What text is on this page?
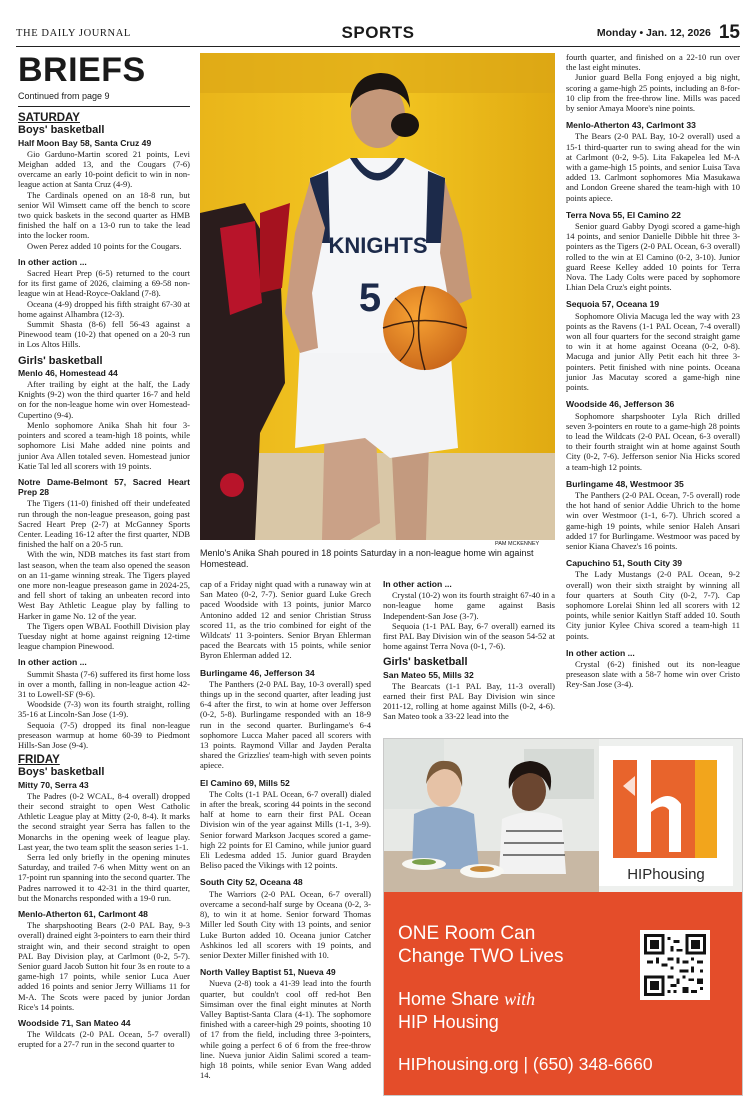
THE DAILY JOURNAL	SPORTS	Monday • Jan. 12, 2026 15
BRIEFS
Continued from page 9
SATURDAY
Boys' basketball
Half Moon Bay 58, Santa Cruz 49

Gio Garduno-Martin scored 21 points, Levi Meighan added 13, and the Cougars (7-6) overcame an early 10-point deficit to win in non-league action at Santa Cruz (4-9).

The Cardinals opened on an 18-8 run, but senior Wil Wimsett came off the bench to score two quick baskets in the second quarter as HMB finished the half on a 13-0 run to take the lead into the locker room.

Owen Perez added 10 points for the Cougars.

In other action ...

Sacred Heart Prep (6-5) returned to the court for its first game of 2026, claiming a 69-58 non-league win at Head-Royce-Oakland (7-8).

Oceana (4-9) dropped his fifth straight 67-30 at home against Alhambra (12-3).

Summit Shasta (8-6) fell 56-43 against a Pinewood team (10-2) that opened on a 20-3 run in Los Altos Hills.

Girls' basketball
Menlo 46, Homestead 44

After trailing by eight at the half, the Lady Knights (9-2) won the third quarter 16-7 and held on for the non-league home win over Homestead-Cupertino (9-4).

Menlo sophomore Anika Shah hit four 3-pointers and scored a team-high 18 points, while sophomore Lisi Mahe added nine points and junior Ava Allen totaled seven. Homestead junior Katie Tal led all scorers with 19 points.

Notre Dame-Belmont 57, Sacred Heart Prep 28

The Tigers (11-0) finished off their undefeated run through the non-league preseason, going past Sacred Heart Prep (2-7) at McGanney Sports Center. Leading 16-12 after the first quarter, NDB finished the half on a 20-5 run.

With the win, NDB matches its fast start from last season, when the team also opened the season on an 11-game winning streak. The Tigers played one more non-league preseason game in 2024-25, and fell short of taking an unbeaten record into West Bay Athletic League play by falling to Harker in game No. 12 of the year.

The Tigers open WBAL Foothill Division play Tuesday night at home against reigning 12-time league champion Pinewood.

In other action ...

Summit Shasta (7-6) suffered its first home loss in over a month, falling in non-league action 42-31 to Lowell-SF (9-6).

Woodside (7-3) won its fourth straight, rolling 35-16 at Lincoln-San Jose (1-9).

Sequoia (7-5) dropped its final non-league preseason warmup at home 60-39 to Piedmont Hills-San Jose (9-4).

FRIDAY
Boys' basketball
Mitty 70, Serra 43

The Padres (0-2 WCAL, 8-4 overall) dropped their second straight to open West Catholic Athletic League play at Mitty (2-0, 8-4). It marks the second straight year Serra has fallen to the Monarchs in the opening week of league play. Last year, the two team split the season series 1-1.

Serra led only briefly in the opening minutes Saturday, and trailed 7-6 when Mitty went on an 17-point run spanning into the second quarter. The Padres narrowed it to 42-31 in the third quarter, but the Monarchs responded with a 19-0 run.

Menlo-Atherton 61, Carlmont 48

The sharpshooting Bears (2-0 PAL Bay, 9-3 overall) drained eight 3-pointers to earn their third straight win, and their second straight to open PAL Bay Division play, at Carlmont (0-2, 5-7). Senior guard Jacob Sutton hit four 3s en route to a game-high 17 points, while senior Luca Auer added 16 points and senior Jerry Williams 11 for M-A. The Scots were paced by junior Jordan Rice's 14 points.

Woodside 71, San Mateo 44

The Wildcats (2-0 PAL Ocean, 5-7 overall) erupted for a 27-7 run in the second quarter to

KNIGHTS
5
PAM MCKENNEY
Menlo's Anika Shah poured in 18 points Saturday in a non-league home win against Homestead.

cap of a Friday night quad with a runaway win at San Mateo (0-2, 7-7). Senior guard Luke Grech paced Woodside with 13 points, junior Marco Antonino added 12 and senior Christian Struss scored 11, as the trio combined for eight of the Wildcats' 11 3-pointers. Senior Bryan Ehlerman paced the Bearcats with 15 points, while senior Byron Ehlerman added 12.

Burlingame 46, Jefferson 34

The Panthers (2-0 PAL Bay, 10-3 overall) sped things up in the second quarter, after leading just 6-4 after the first, to win at home over Jefferson (0-2, 5-8). Burlingame responded with an 18-9 run in the second quarter. Burlingame's 6-4 sophomore Lucca Maher paced all scorers with 13 points. Raymond Villar and Jayden Peralta shared the Grizzlies' team-high with seven points apiece.

El Camino 69, Mills 52

The Colts (1-1 PAL Ocean, 6-7 overall) dialed in after the break, scoring 44 points in the second half at home to earn their first PAL Ocean Division win of the year against Mills (1-1, 3-9). Senior forward Markson Jacques scored a game-high 22 points for El Camino, while junior guard Eli Ledesma added 15. Junior guard Brayden Beliso paced the Vikings with 12 points.

South City 52, Oceana 48

The Warriors (2-0 PAL Ocean, 6-7 overall) overcame a second-half surge by Oceana (0-2, 3-8), to win it at home. Senior forward Thomas Miller led South City with 13 points, and senior Luke Burton added 10. Oceana junior Catcher Ashkinos led all scorers with 19 points, and senior Dexter Miller finished with 10.

North Valley Baptist 51, Nueva 49

Nueva (2-8) took a 41-39 lead into the fourth quarter, but couldn't cool off red-hot Ben Simsiman over the final eight minutes at North Valley Baptist-Santa Clara (4-1). The sophomore finished with a career-high 29 points, shooting 10 of 17 from the field, including three 3-pointers, while going a perfect 6 of 6 from the free-throw line. Nueva junior Aidin Salimi scored a team-high 18 points, while senior Evan Wang added 14.

In other action ...

Crystal (10-2) won its fourth straight 67-40 in a non-league home game against Basis Independent-San Jose (3-7).

Sequoia (1-1 PAL Bay, 6-7 overall) earned its first PAL Bay Division win of the season 54-52 at home against Terra Nova (0-1, 7-6).

Girls' basketball
San Mateo 55, Mills 32

The Bearcats (1-1 PAL Bay, 11-3 overall) earned their first PAL Bay Division win since 2011-12, rolling at home against Mills (0-2, 4-6). San Mateo took a 33-22 lead into the

fourth quarter, and finished on a 22-10 run over the last eight minutes.

Junior guard Bella Fong enjoyed a big night, scoring a game-high 25 points, including an 8-for-10 clip from the free-throw line. Mills was paced by senior Amaya Moore's nine points.

Menlo-Atherton 43, Carlmont 33

The Bears (2-0 PAL Bay, 10-2 overall) used a 15-1 third-quarter run to swing ahead for the win at Carlmont (0-2, 9-5). Lita Fakapelea led M-A with a game-high 15 points, and senior Luisa Tava added 13. Carlmont sophomores Mia Masukawa and London Greene shared the team-high with 10 points apiece.

Terra Nova 55, El Camino 22

Senior guard Gabby Dyogi scored a game-high 14 points, and senior Danielle Dibble hit three 3-pointers as the Tigers (2-0 PAL Ocean, 6-3 overall) rolled to the win at El Camino (0-2, 3-10). Junior guard Reese Kelley added 10 points for Terra Nova. The Lady Colts were paced by sophomore Lhian Dela Cruz's eight points.

Sequoia 57, Oceana 19

Sophomore Olivia Macuga led the way with 23 points as the Ravens (1-1 PAL Ocean, 7-4 overall) won all four quarters for the second straight game to win it at home against Oceana (0-2, 0-8). Macuga and junior Ally Petit each hit three 3-pointers. Petit finished with nine points. Oceana junior Jas Macutay scored a game-high nine points.

Woodside 46, Jefferson 36

Sophomore sharpshooter Lyla Rich drilled seven 3-pointers en route to a game-high 28 points to lead the Wildcats (2-0 PAL Ocean, 6-3 overall) to their fourth straight win at home against South City (0-2, 7-6). Jefferson senior Nia Hicks scored a team-high 12 points.

Burlingame 48, Westmoor 35

The Panthers (2-0 PAL Ocean, 7-5 overall) rode the hot hand of senior Addie Uhrich to the home win over Westmoor (1-1, 6-7). Uhrich scored a game-high 19 points, while senior Haleh Ansari added 17 for Burlingame. Westmoor was paced by senior Kiana Chavez's 16 points.

Capuchino 51, South City 39

The Lady Mustangs (2-0 PAL Ocean, 9-2 overall) won their sixth straight by winning all four quarters at South City (0-2, 7-7). Cap sophomore Lorelai Shinn led all scorers with 12 points, while senior Kaitlyn Staff added 10. South City junior Kylee Chiva scored a team-high 11 points.

In other action ...

Crystal (6-2) finished out its non-league preseason slate with a 58-7 home win over Cristo Rey-San Jose (3-4).

HIPhousing
ONE Room Can
Change TWO Lives
Home Share with
HIP Housing
HIPhousing.org | (650) 348-6660
